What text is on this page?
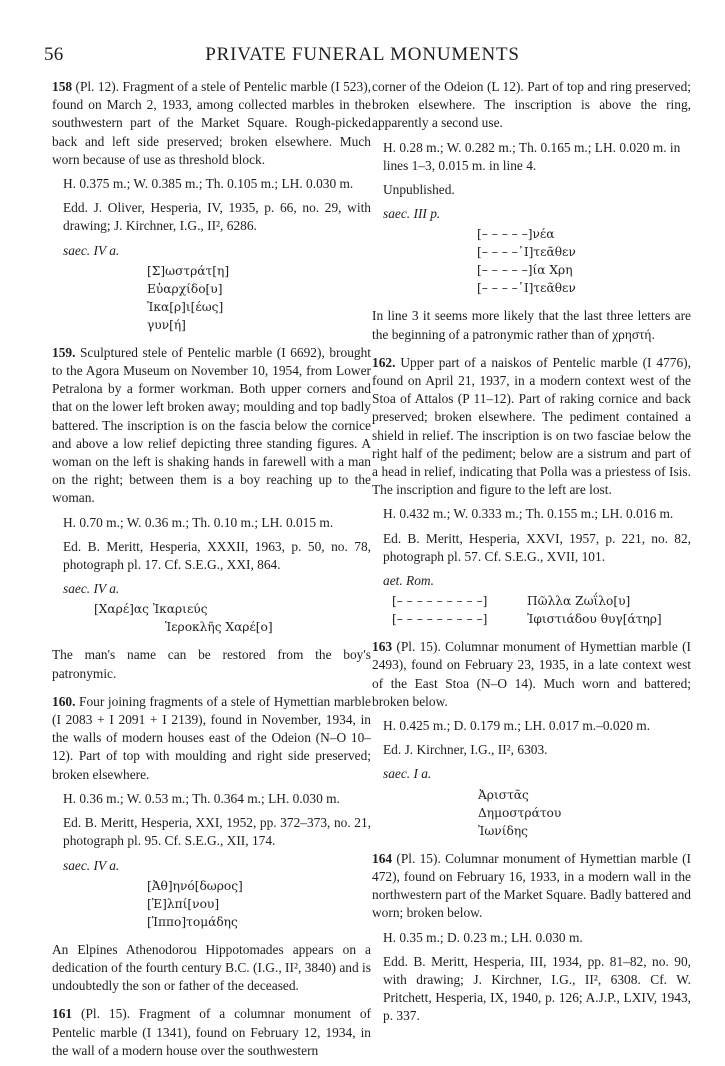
56	PRIVATE FUNERAL MONUMENTS

158 (Pl. 12). Fragment of a stele of Pentelic marble (I 523), found on March 2, 1933, among collected marbles in the southwestern part of the Market Square. Rough-picked back and left side preserved; broken elsewhere. Much worn because of use as threshold block.

H. 0.375 m.; W. 0.385 m.; Th. 0.105 m.; LH. 0.030 m.

Edd. J. Oliver, Hesperia, IV, 1935, p. 66, no. 29, with drawing; J. Kirchner, I.G., II², 6286.

saec. IV a.
[Σ]ωστράτ[η]
Εὐαρχίδο[υ]
Ἰκα[ρ]ι[έως]
γυν[ή]

159. Sculptured stele of Pentelic marble (I 6692), brought to the Agora Museum on November 10, 1954, from Lower Petralona by a former workman. Both upper corners and that on the lower left broken away; moulding and top badly battered. The inscription is on the fascia below the cornice and above a low relief depicting three standing figures. A woman on the left is shaking hands in farewell with a man on the right; between them is a boy reaching up to the woman.

H. 0.70 m.; W. 0.36 m.; Th. 0.10 m.; LH. 0.015 m.

Ed. B. Meritt, Hesperia, XXXII, 1963, p. 50, no. 78, photograph pl. 17. Cf. S.E.G., XXI, 864.

saec. IV a.
[Χαρέ]ας Ἰκαριεύς
Ἱεροκλῆς Χαρέ[ο]

The man's name can be restored from the boy's patronymic.

160. Four joining fragments of a stele of Hymettian marble (I 2083 + I 2091 + I 2139), found in November, 1934, in the walls of modern houses east of the Odeion (N–O 10–12). Part of top with moulding and right side preserved; broken elsewhere.

H. 0.36 m.; W. 0.53 m.; Th. 0.364 m.; LH. 0.030 m.

Ed. B. Meritt, Hesperia, XXI, 1952, pp. 372–373, no. 21, photograph pl. 95. Cf. S.E.G., XII, 174.

saec. IV a.
[Ἀθ]ηνό[δωρος]
[Ἐ]λπί[νου]
[Ἱππο]τομάδης

An Elpines Athenodorou Hippotomades appears on a dedication of the fourth century B.C. (I.G., II², 3840) and is undoubtedly the son or father of the deceased.

161 (Pl. 15). Fragment of a columnar monument of Pentelic marble (I 1341), found on February 12, 1934, in the wall of a modern house over the southwestern

corner of the Odeion (L 12). Part of top and ring preserved; broken elsewhere. The inscription is above the ring, apparently a second use.

H. 0.28 m.; W. 0.282 m.; Th. 0.165 m.; LH. 0.020 m. in lines 1–3, 0.015 m. in line 4.

Unpublished.

saec. III p.
[– – – – –]νέα
[– – – –᾿Ι]τεᾶθεν
[– – – – –]ία Χρη
[– – – –᾿Ι]τεᾶθεν

In line 3 it seems more likely that the last three letters are the beginning of a patronymic rather than of χρηστή.

162. Upper part of a naiskos of Pentelic marble (I 4776), found on April 21, 1937, in a modern context west of the Stoa of Attalos (P 11–12). Part of raking cornice and back preserved; broken elsewhere. The pediment contained a shield in relief. The inscription is on two fasciae below the right half of the pediment; below are a sistrum and part of a head in relief, indicating that Polla was a priestess of Isis. The inscription and figure to the left are lost.

H. 0.432 m.; W. 0.333 m.; Th. 0.155 m.; LH. 0.016 m.

Ed. B. Meritt, Hesperia, XXVI, 1957, p. 221, no. 82, photograph pl. 57. Cf. S.E.G., XVII, 101.

aet. Rom.
[– – – – – – – – –]	Πῶλλα Ζωΐλο[υ]
[– – – – – – – – –]	Ἰφιστιάδου θυγ[άτηρ]

163 (Pl. 15). Columnar monument of Hymettian marble (I 2493), found on February 23, 1935, in a late context west of the East Stoa (N–O 14). Much worn and battered; broken below.

H. 0.425 m.; D. 0.179 m.; LH. 0.017 m.–0.020 m.

Ed. J. Kirchner, I.G., II², 6303.

saec. I a.
Ἀριστᾶς
Δημοστράτου
Ἰωνίδης

164 (Pl. 15). Columnar monument of Hymettian marble (I 472), found on February 16, 1933, in a modern wall in the northwestern part of the Market Square. Badly battered and worn; broken below.

H. 0.35 m.; D. 0.23 m.; LH. 0.030 m.

Edd. B. Meritt, Hesperia, III, 1934, pp. 81–82, no. 90, with drawing; J. Kirchner, I.G., II², 6308. Cf. W. Pritchett, Hesperia, IX, 1940, p. 126; A.J.P., LXIV, 1943, p. 337.
